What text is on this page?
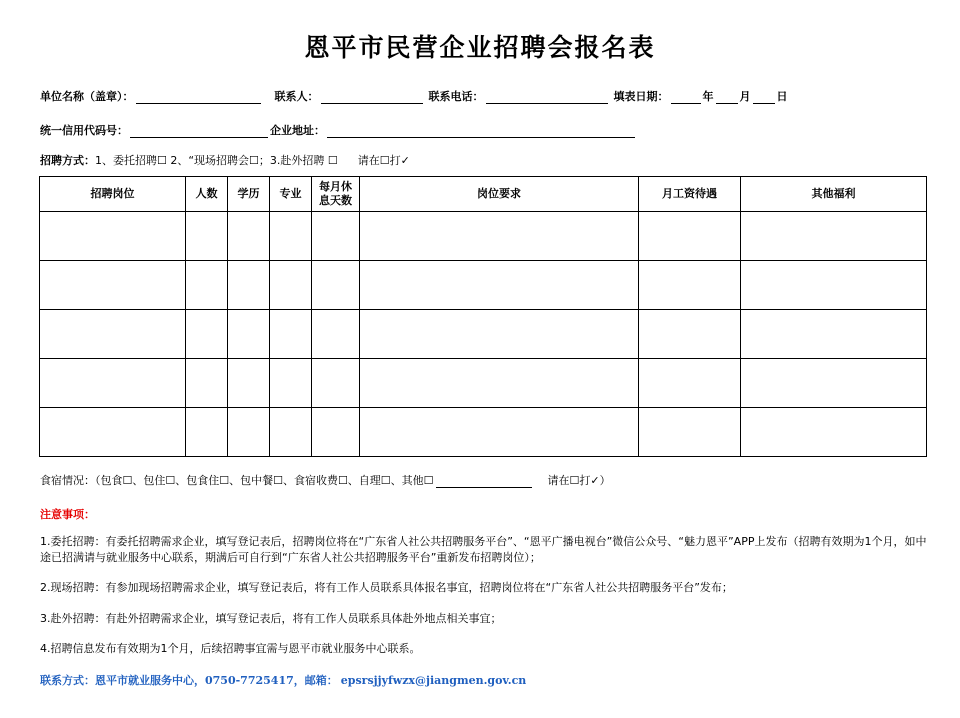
恩平市民营企业招聘会报名表
单位名称（盖章）：	联系人：	联系电话：	填表日期：	年 月 日
统一信用代码号：	企业地址：
招聘方式： 1、委托招聘☐ 2、“现场招聘会☐；3.赴外招聘 ☐ 请在☐打✓
招聘岗位	人数	学历	专业	每月休息天数	岗位要求	月工资待遇	其他福利

食宿情况：（包食☐、包住☐、包食住☐、包中餐☐、食宿收费☐、自理☐、其他☐	请在☐打✓）
注意事项：
1.委托招聘：有委托招聘需求企业，填写登记表后，招聘岗位将在“广东省人社公共招聘服务平台”、“恩平广播电视台”微信公众号、“魅力恩平”APP上发布（招聘有效期为1个月，如中途已招满请与就业服务中心联系，期满后可自行到“广东省人社公共招聘服务平台”重新发布招聘岗位）；
2.现场招聘：有参加现场招聘需求企业，填写登记表后，将有工作人员联系具体报名事宜，招聘岗位将在“广东省人社公共招聘服务平台”发布；
3.赴外招聘：有赴外招聘需求企业，填写登记表后，将有工作人员联系具体赴外地点相关事宜；
4.招聘信息发布有效期为1个月，后续招聘事宜需与恩平市就业服务中心联系。
联系方式：恩平市就业服务中心，0750-7725417，邮箱： epsrsjjyfwzx@jiangmen.gov.cn
